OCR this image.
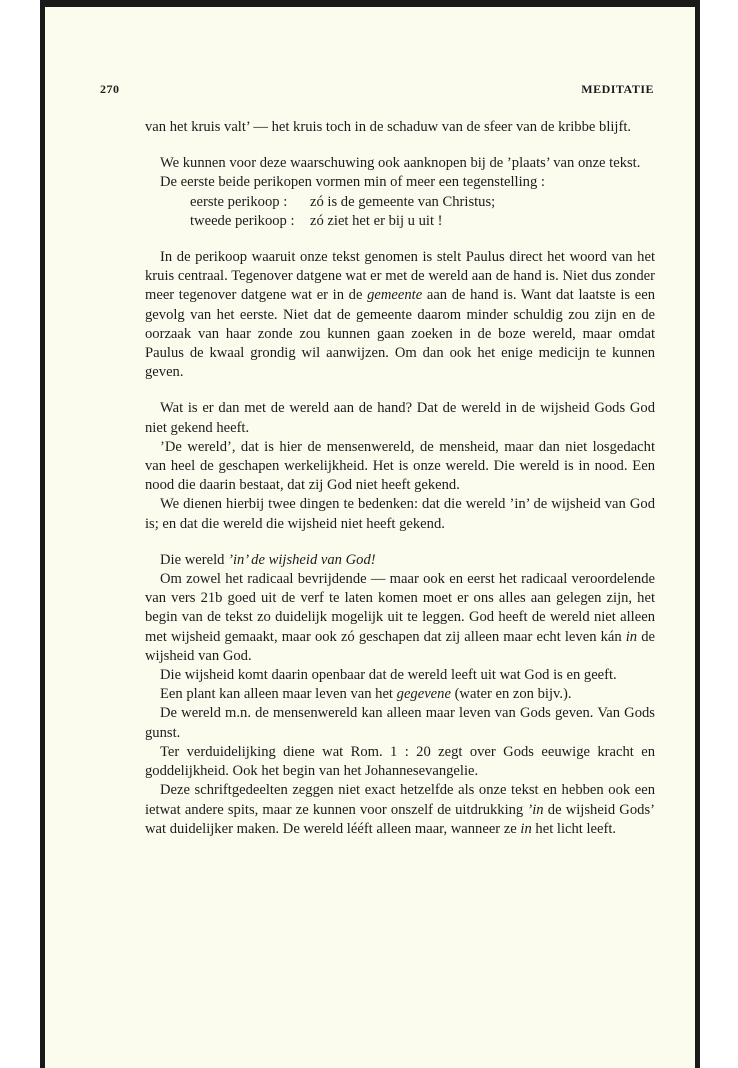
270	MEDITATIE

van het kruis valt’ — het kruis toch in de schaduw van de sfeer van de kribbe blijft.

We kunnen voor deze waarschuwing ook aanknopen bij de ’plaats’ van onze tekst.

De eerste beide perikopen vormen min of meer een tegenstelling :

eerste perikoop : zó is de gemeente van Christus;
tweede perikoop : zó ziet het er bij u uit !

In de perikoop waaruit onze tekst genomen is stelt Paulus direct het woord van het kruis centraal. Tegenover datgene wat er met de wereld aan de hand is. Niet dus zonder meer tegenover datgene wat er in de gemeente aan de hand is. Want dat laatste is een gevolg van het eerste. Niet dat de gemeente daarom minder schuldig zou zijn en de oorzaak van haar zonde zou kunnen gaan zoeken in de boze wereld, maar omdat Paulus de kwaal grondig wil aanwijzen. Om dan ook het enige medicijn te kunnen geven.

Wat is er dan met de wereld aan de hand? Dat de wereld in de wijsheid Gods God niet gekend heeft.

’De wereld’, dat is hier de mensenwereld, de mensheid, maar dan niet losgedacht van heel de geschapen werkelijkheid. Het is onze wereld. Die wereld is in nood. Een nood die daarin bestaat, dat zij God niet heeft gekend.

We dienen hierbij twee dingen te bedenken: dat die wereld ’in’ de wijsheid van God is; en dat die wereld die wijsheid niet heeft gekend.

Die wereld ’in’ de wijsheid van God!

Om zowel het radicaal bevrijdende — maar ook en eerst het radicaal veroordelende van vers 21b goed uit de verf te laten komen moet er ons alles aan gelegen zijn, het begin van de tekst zo duidelijk mogelijk uit te leggen. God heeft de wereld niet alleen met wijsheid gemaakt, maar ook zó geschapen dat zij alleen maar echt leven kán in de wijsheid van God.

Die wijsheid komt daarin openbaar dat de wereld leeft uit wat God is en geeft.

Een plant kan alleen maar leven van het gegevene (water en zon bijv.).

De wereld m.n. de mensenwereld kan alleen maar leven van Gods geven. Van Gods gunst.

Ter verduidelijking diene wat Rom. 1 : 20 zegt over Gods eeuwige kracht en goddelijkheid. Ook het begin van het Johannesevangelie.

Deze schriftgedeelten zeggen niet exact hetzelfde als onze tekst en hebben ook een ietwat andere spits, maar ze kunnen voor onszelf de uitdrukking ’in de wijsheid Gods’ wat duidelijker maken. De wereld lééft alleen maar, wanneer ze in het licht leeft.
